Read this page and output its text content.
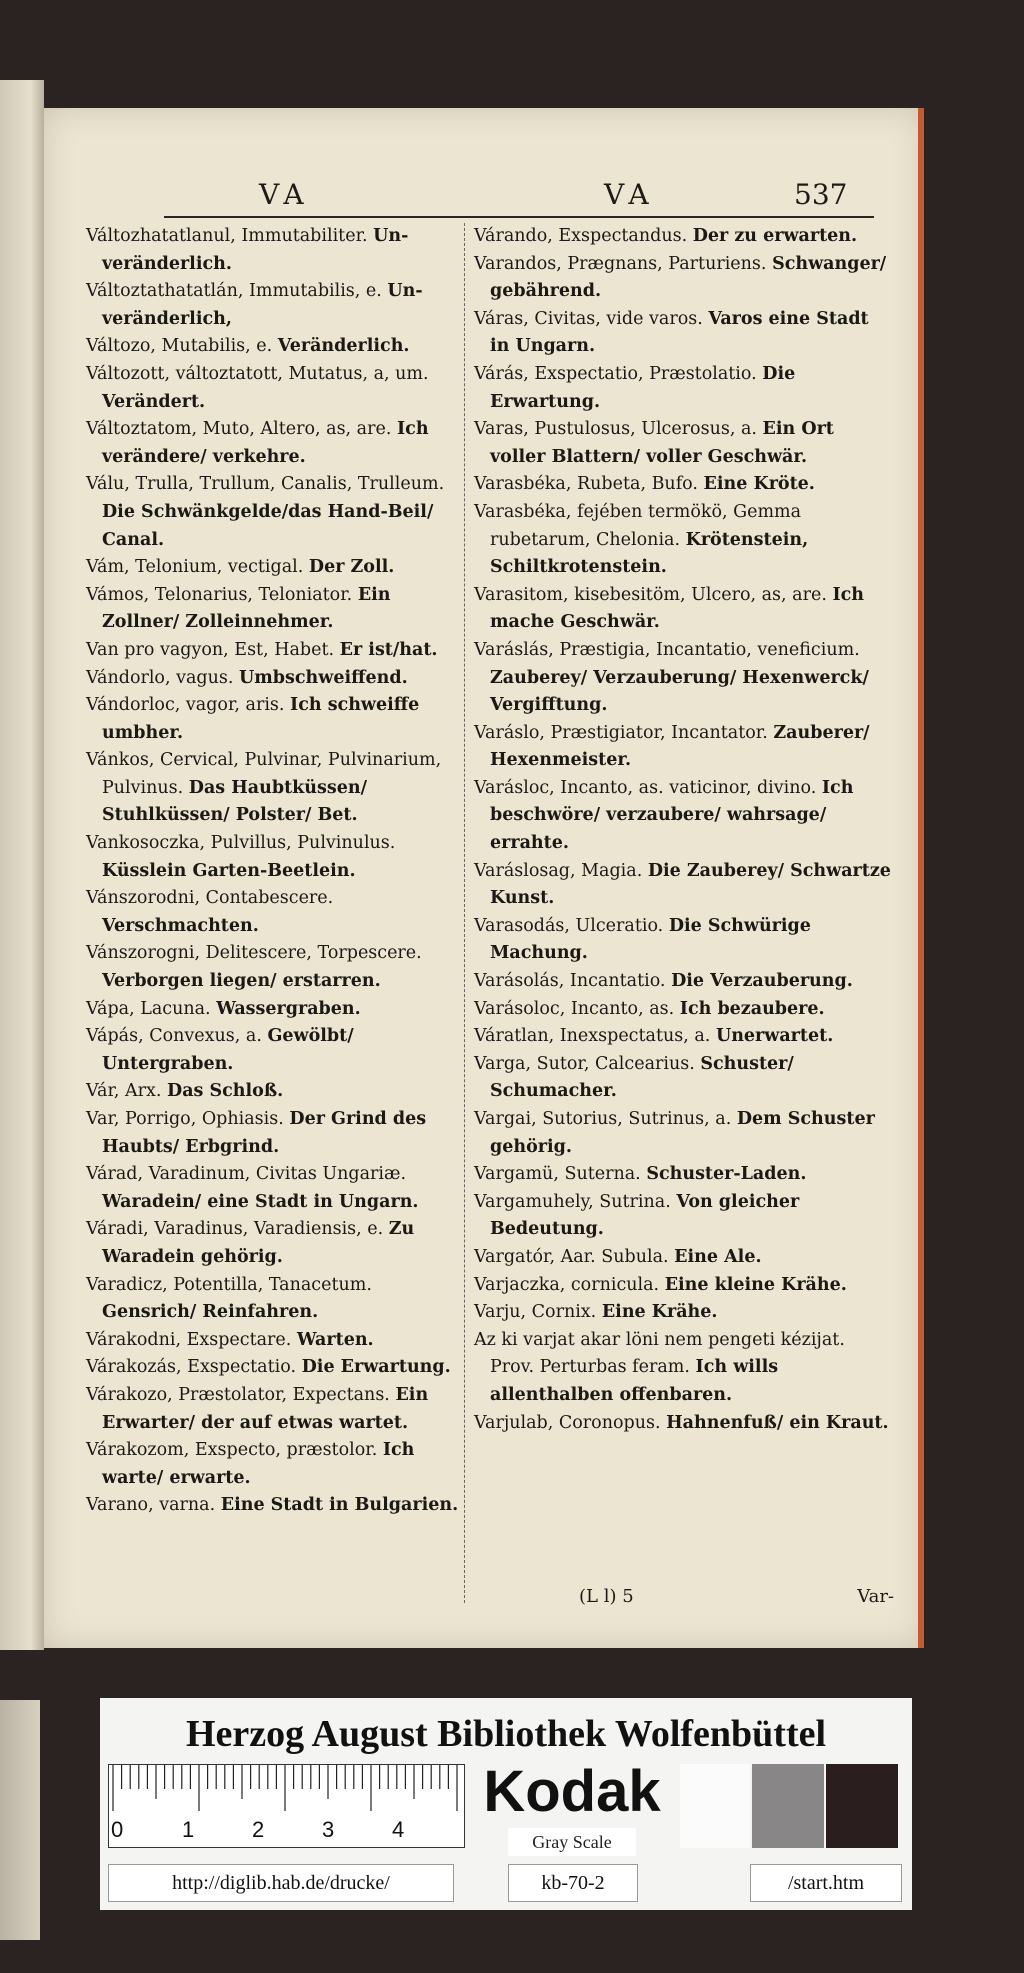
VA	VA	537

Változhatatlanul, Immutabiliter. Un- veränderlich.

Változtathatatlán, Immutabilis, e. Un- veränderlich,

Változo, Mutabilis, e. Veränderlich.

Változott, változtatott, Mutatus, a, um. Verändert.

Változtatom, Muto, Altero, as, are. Ich verändere/ verkehre.

Válu, Trulla, Trullum, Canalis, Trulleum. Die Schwänkgelde/das Hand-Beil/ Canal.

Vám, Telonium, vectigal. Der Zoll.

Vámos, Telonarius, Teloniator. Ein Zollner/ Zolleinnehmer.

Van pro vagyon, Est, Habet. Er ist/hat.

Vándorlo, vagus. Umbschweiffend.

Vándorloc, vagor, aris. Ich schweiffe umbher.

Vánkos, Cervical, Pulvinar, Pulvinarium, Pulvinus. Das Haubtküssen/ Stuhlküssen/ Polster/ Bet.

Vankosoczka, Pulvillus, Pulvinulus. Küsslein Garten-Beetlein.

Vánszorodni, Contabescere. Verschmachten.

Vánszorogni, Delitescere, Torpescere. Verborgen liegen/ erstarren.

Vápa, Lacuna. Wassergraben.

Vápás, Convexus, a. Gewölbt/ Untergraben.

Vár, Arx. Das Schloß.

Var, Porrigo, Ophiasis. Der Grind des Haubts/ Erbgrind.

Várad, Varadinum, Civitas Ungariæ. Waradein/ eine Stadt in Ungarn.

Váradi, Varadinus, Varadiensis, e. Zu Waradein gehörig.

Varadicz, Potentilla, Tanacetum. Gensrich/ Reinfahren.

Várakodni, Exspectare. Warten.

Várakozás, Exspectatio. Die Erwartung.

Várakozo, Præstolator, Expectans. Ein Erwarter/ der auf etwas wartet.

Várakozom, Exspecto, præstolor. Ich warte/ erwarte.

Varano, varna. Eine Stadt in Bulgarien.

Várando, Exspectandus. Der zu erwarten.

Varandos, Prægnans, Parturiens. Schwanger/ gebährend.

Váras, Civitas, vide varos. Varos eine Stadt in Ungarn.

Várás, Exspectatio, Præstolatio. Die Erwartung.

Varas, Pustulosus, Ulcerosus, a. Ein Ort voller Blattern/ voller Geschwär.

Varasbéka, Rubeta, Bufo. Eine Kröte.

Varasbéka, fejében termökö, Gemma rubetarum, Chelonia. Krötenstein, Schiltkrotenstein.

Varasitom, kisebesitöm, Ulcero, as, are. Ich mache Geschwär.

Varáslás, Præstigia, Incantatio, veneficium. Zauberey/ Verzauberung/ Hexenwerck/ Vergifftung.

Varáslo, Præstigiator, Incantator. Zauberer/ Hexenmeister.

Varásloc, Incanto, as. vaticinor, divino. Ich beschwöre/ verzaubere/ wahrsage/ errahte.

Varáslosag, Magia. Die Zauberey/ Schwartze Kunst.

Varasodás, Ulceratio. Die Schwürige Machung.

Varásolás, Incantatio. Die Verzauberung.

Varásoloc, Incanto, as. Ich bezaubere.

Váratlan, Inexspectatus, a. Unerwartet.

Varga, Sutor, Calcearius. Schuster/ Schumacher.

Vargai, Sutorius, Sutrinus, a. Dem Schuster gehörig.

Vargamü, Suterna. Schuster-Laden.

Vargamuhely, Sutrina. Von gleicher Bedeutung.

Vargatór, Aar. Subula. Eine Ale.

Varjaczka, cornicula. Eine kleine Krähe.

Varju, Cornix. Eine Krähe.

Az ki varjat akar löni nem pengeti kézijat. Prov. Perturbas feram. Ich wills allenthalben offenbaren.

Varjulab, Coronopus. Hahnenfuß/ ein Kraut.

(L l) 5	Var-
Herzog August Bibliothek Wolfenbüttel
0	1	2	3	4
Kodak
Gray Scale
http://diglib.hab.de/drucke/	kb-70-2	/start.htm
